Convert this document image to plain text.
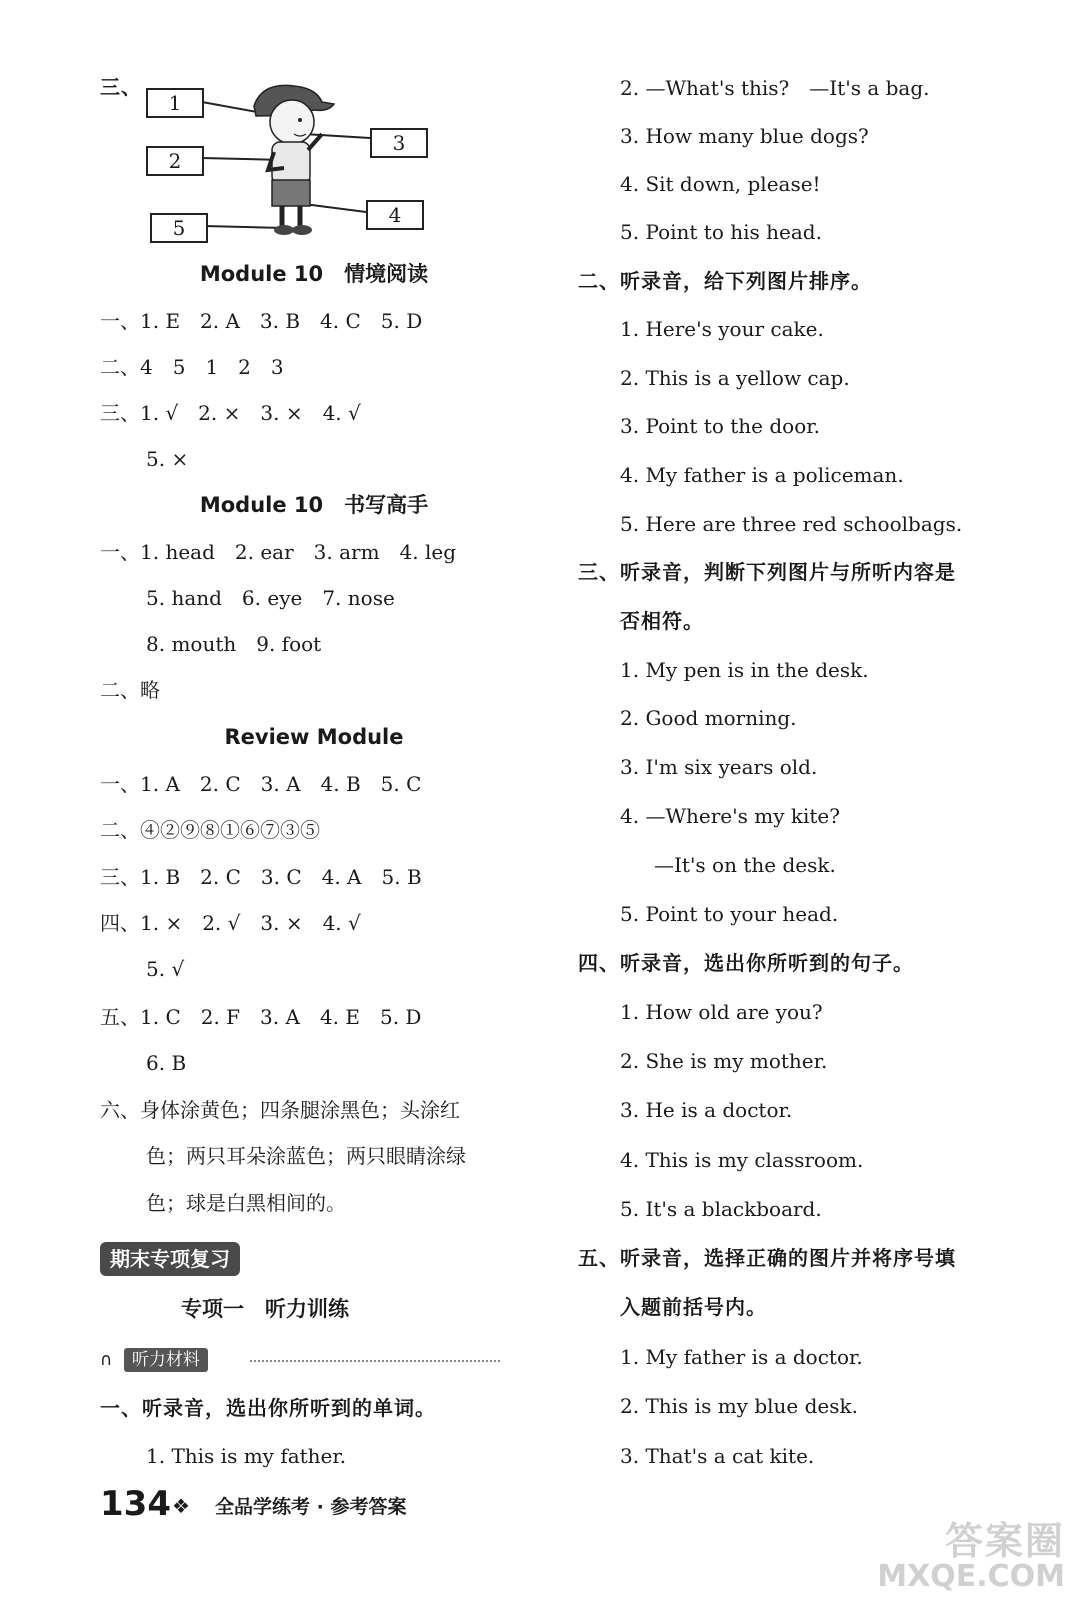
三、
1
2
3
4
5
Module 10　情境阅读
一、1. E　2. A　3. B　4. C　5. D
二、4　5　1　2　3
三、1. √　2. ×　3. ×　4. √
5. ×
Module 10　书写高手
一、1. head　2. ear　3. arm　4. leg
5. hand　6. eye　7. nose
8. mouth　9. foot
二、略
Review Module
一、1. A　2. C　3. A　4. B　5. C
二、④②⑨⑧①⑥⑦③⑤
三、1. B　2. C　3. C　4. A　5. B
四、1. ×　2. √　3. ×　4. √
5. √
五、1. C　2. F　3. A　4. E　5. D
6. B
六、身体涂黄色；四条腿涂黑色；头涂红
色；两只耳朵涂蓝色；两只眼睛涂绿
色；球是白黑相间的。
期末专项复习
专项一　听力训练
∩ 听力材料
一、听录音，选出你所听到的单词。
1. This is my father.
2. —What's this?　—It's a bag.
3. How many blue dogs?
4. Sit down, please!
5. Point to his head.
二、听录音，给下列图片排序。
1. Here's your cake.
2. This is a yellow cap.
3. Point to the door.
4. My father is a policeman.
5. Here are three red schoolbags.
三、听录音，判断下列图片与所听内容是
否相符。
1. My pen is in the desk.
2. Good morning.
3. I'm six years old.
4. —Where's my kite?
—It's on the desk.
5. Point to your head.
四、听录音，选出你所听到的句子。
1. How old are you?
2. She is my mother.
3. He is a doctor.
4. This is my classroom.
5. It's a blackboard.
五、听录音，选择正确的图片并将序号填
入题前括号内。
1. My father is a doctor.
2. This is my blue desk.
3. That's a cat kite.
134 ❖ 全品学练考 · 参考答案
答案圈
MXQE.COM
